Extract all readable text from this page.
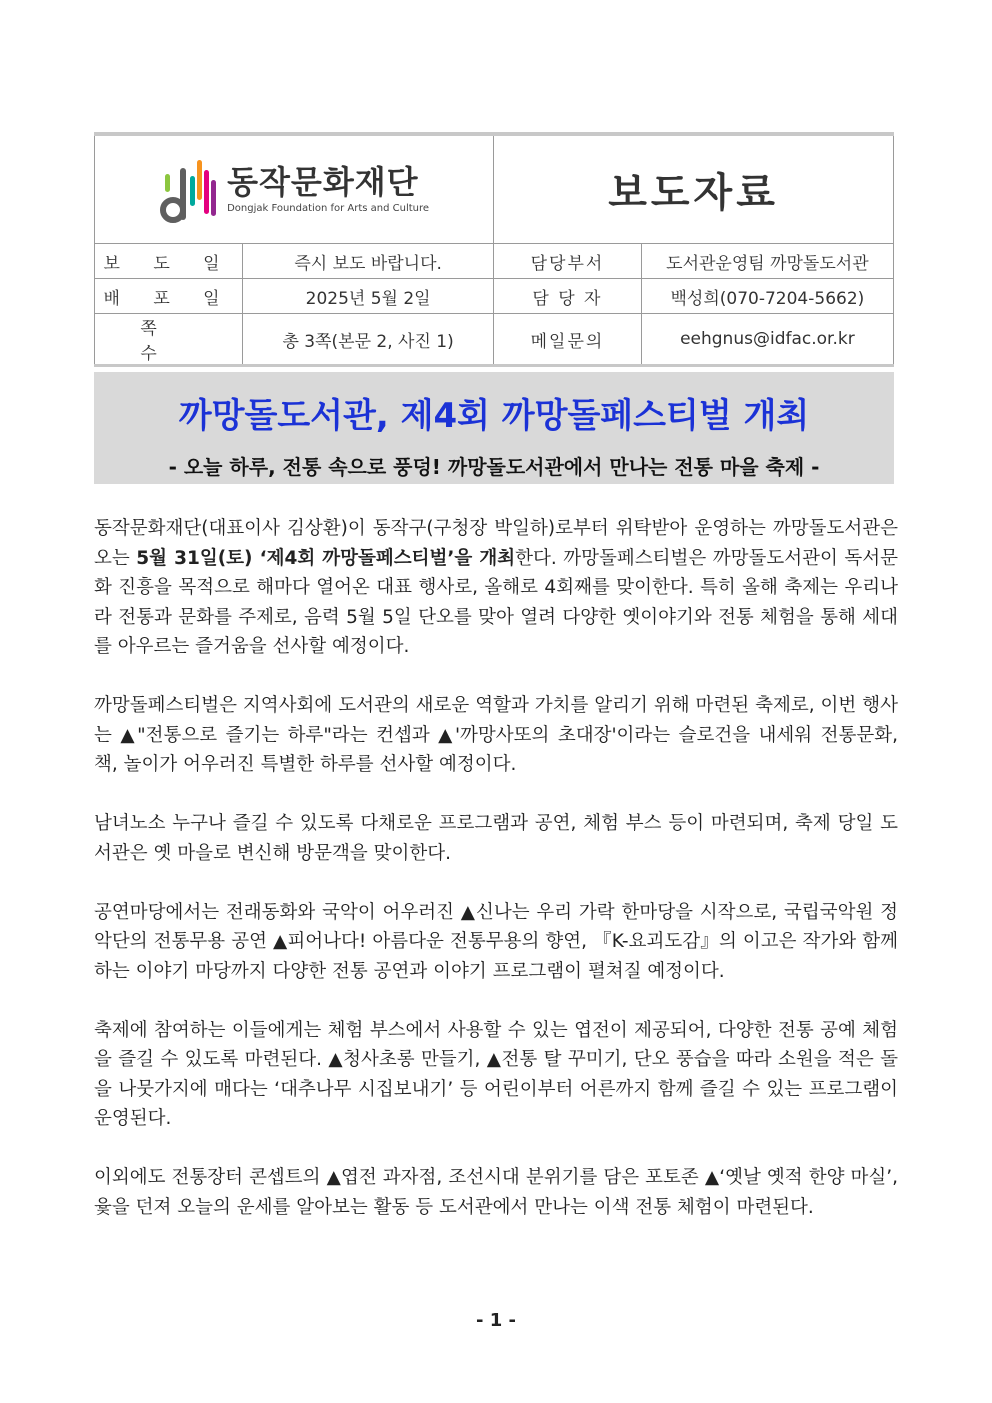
동작문화재단
Dongjak Foundation for Arts and Culture		보도자료	
보 도 일	즉시 보도 바랍니다.	담당부서	도서관운영팀 까망돌도서관
배 포 일	2025년 5월 2일	담 당 자	백성희(070-7204-5662)
쪽 수	총 3쪽(본문 2, 사진 1)	메일문의	eehgnus@idfac.or.kr
까망돌도서관, 제4회 까망돌페스티벌 개최
- 오늘 하루, 전통 속으로 풍덩! 까망돌도서관에서 만나는 전통 마을 축제 -

동작문화재단(대표이사 김상환)이 동작구(구청장 박일하)로부터 위탁받아 운영하는 까망돌도서관은 오는 5월 31일(토) ‘제4회 까망돌페스티벌’을 개최한다. 까망돌페스티벌은 까망돌도서관이 독서문화 진흥을 목적으로 해마다 열어온 대표 행사로, 올해로 4회째를 맞이한다. 특히 올해 축제는 우리나라 전통과 문화를 주제로, 음력 5월 5일 단오를 맞아 열려 다양한 옛이야기와 전통 체험을 통해 세대를 아우르는 즐거움을 선사할 예정이다.

까망돌페스티벌은 지역사회에 도서관의 새로운 역할과 가치를 알리기 위해 마련된 축제로, 이번 행사는 ▲"전통으로 즐기는 하루"라는 컨셉과 ▲'까망사또의 초대장'이라는 슬로건을 내세워 전통문화, 책, 놀이가 어우러진 특별한 하루를 선사할 예정이다.

남녀노소 누구나 즐길 수 있도록 다채로운 프로그램과 공연, 체험 부스 등이 마련되며, 축제 당일 도서관은 옛 마을로 변신해 방문객을 맞이한다.

공연마당에서는 전래동화와 국악이 어우러진 ▲신나는 우리 가락 한마당을 시작으로, 국립국악원 정악단의 전통무용 공연 ▲피어나다! 아름다운 전통무용의 향연, 『K-요괴도감』의 이고은 작가와 함께하는 이야기 마당까지 다양한 전통 공연과 이야기 프로그램이 펼쳐질 예정이다.

축제에 참여하는 이들에게는 체험 부스에서 사용할 수 있는 엽전이 제공되어, 다양한 전통 공예 체험을 즐길 수 있도록 마련된다. ▲청사초롱 만들기, ▲전통 탈 꾸미기, 단오 풍습을 따라 소원을 적은 돌을 나뭇가지에 매다는 ‘대추나무 시집보내기’ 등 어린이부터 어른까지 함께 즐길 수 있는 프로그램이 운영된다.

이외에도 전통장터 콘셉트의 ▲엽전 과자점, 조선시대 분위기를 담은 포토존 ▲‘옛날 옛적 한양 마실’, 윷을 던져 오늘의 운세를 알아보는 활동 등 도서관에서 만나는 이색 전통 체험이 마련된다.

- 1 -
